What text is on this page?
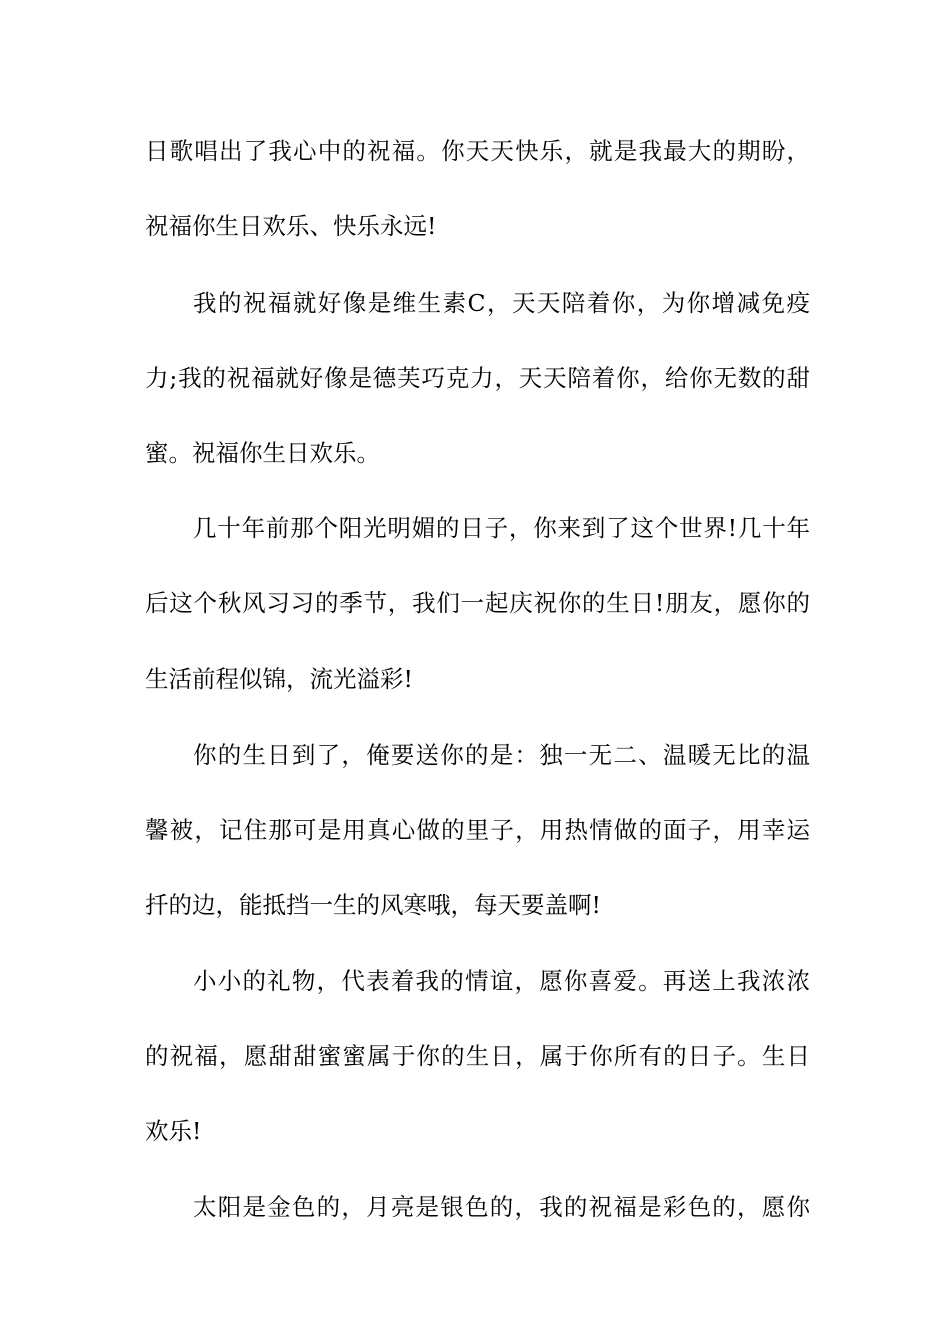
日歌唱出了我心中的祝福。你天天快乐，就是我最大的期盼，
祝福你生日欢乐、快乐永远!
我的祝福就好像是维生素C，天天陪着你，为你增减免疫
力;我的祝福就好像是德芙巧克力，天天陪着你，给你无数的甜
蜜。祝福你生日欢乐。
几十年前那个阳光明媚的日子，你来到了这个世界!几十年
后这个秋风习习的季节，我们一起庆祝你的生日!朋友，愿你的
生活前程似锦，流光溢彩!
你的生日到了，俺要送你的是：独一无二、温暖无比的温
馨被，记住那可是用真心做的里子，用热情做的面子，用幸运
扦的边，能抵挡一生的风寒哦，每天要盖啊!
小小的礼物，代表着我的情谊，愿你喜爱。再送上我浓浓
的祝福，愿甜甜蜜蜜属于你的生日，属于你所有的日子。生日
欢乐!
太阳是金色的，月亮是银色的，我的祝福是彩色的，愿你
